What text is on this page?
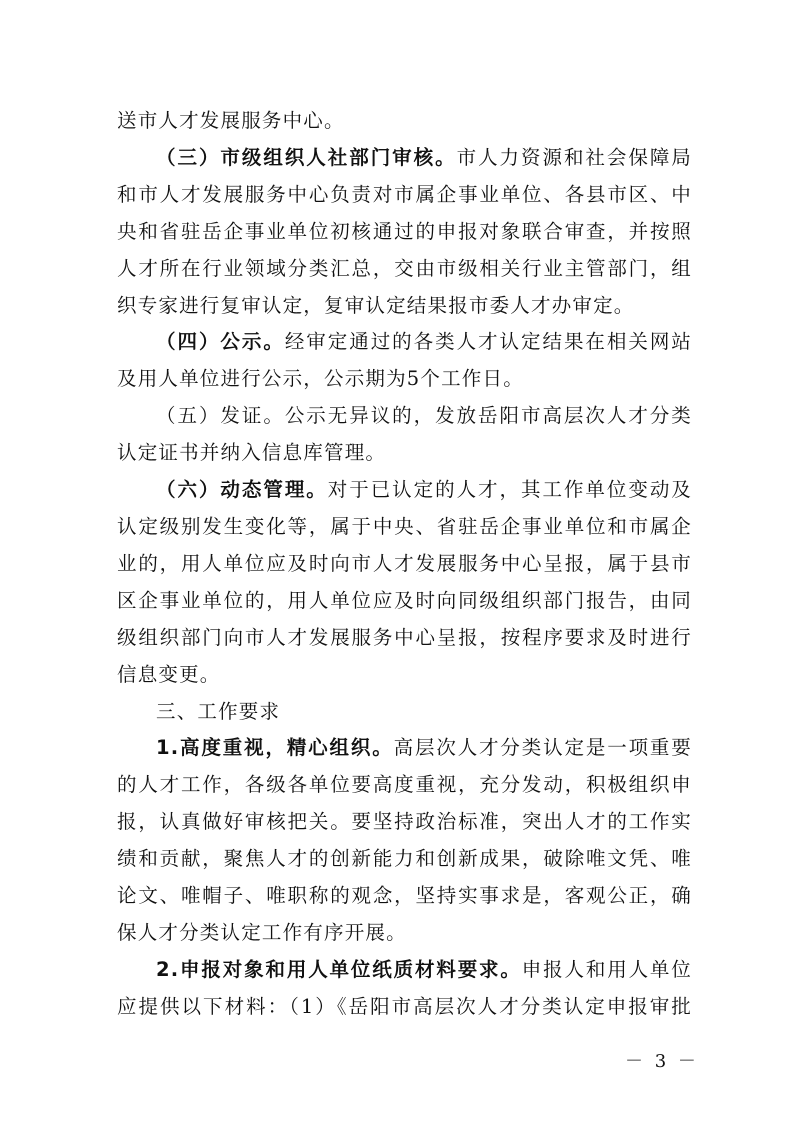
送市人才发展服务中心。

（三）市级组织人社部门审核。市人力资源和社会保障局和市人才发展服务中心负责对市属企事业单位、各县市区、中央和省驻岳企事业单位初核通过的申报对象联合审查，并按照人才所在行业领域分类汇总，交由市级相关行业主管部门，组织专家进行复审认定，复审认定结果报市委人才办审定。

（四）公示。经审定通过的各类人才认定结果在相关网站及用人单位进行公示，公示期为5个工作日。

（五）发证。公示无异议的，发放岳阳市高层次人才分类认定证书并纳入信息库管理。

（六）动态管理。对于已认定的人才，其工作单位变动及认定级别发生变化等，属于中央、省驻岳企事业单位和市属企业的，用人单位应及时向市人才发展服务中心呈报，属于县市区企事业单位的，用人单位应及时向同级组织部门报告，由同级组织部门向市人才发展服务中心呈报，按程序要求及时进行信息变更。

三、工作要求

1.高度重视，精心组织。高层次人才分类认定是一项重要的人才工作，各级各单位要高度重视，充分发动，积极组织申报，认真做好审核把关。要坚持政治标准，突出人才的工作实绩和贡献，聚焦人才的创新能力和创新成果，破除唯文凭、唯论文、唯帽子、唯职称的观念，坚持实事求是，客观公正，确保人才分类认定工作有序开展。

2.申报对象和用人单位纸质材料要求。申报人和用人单位应提供以下材料：（1）《岳阳市高层次人才分类认定申报审批

－ 3 －
